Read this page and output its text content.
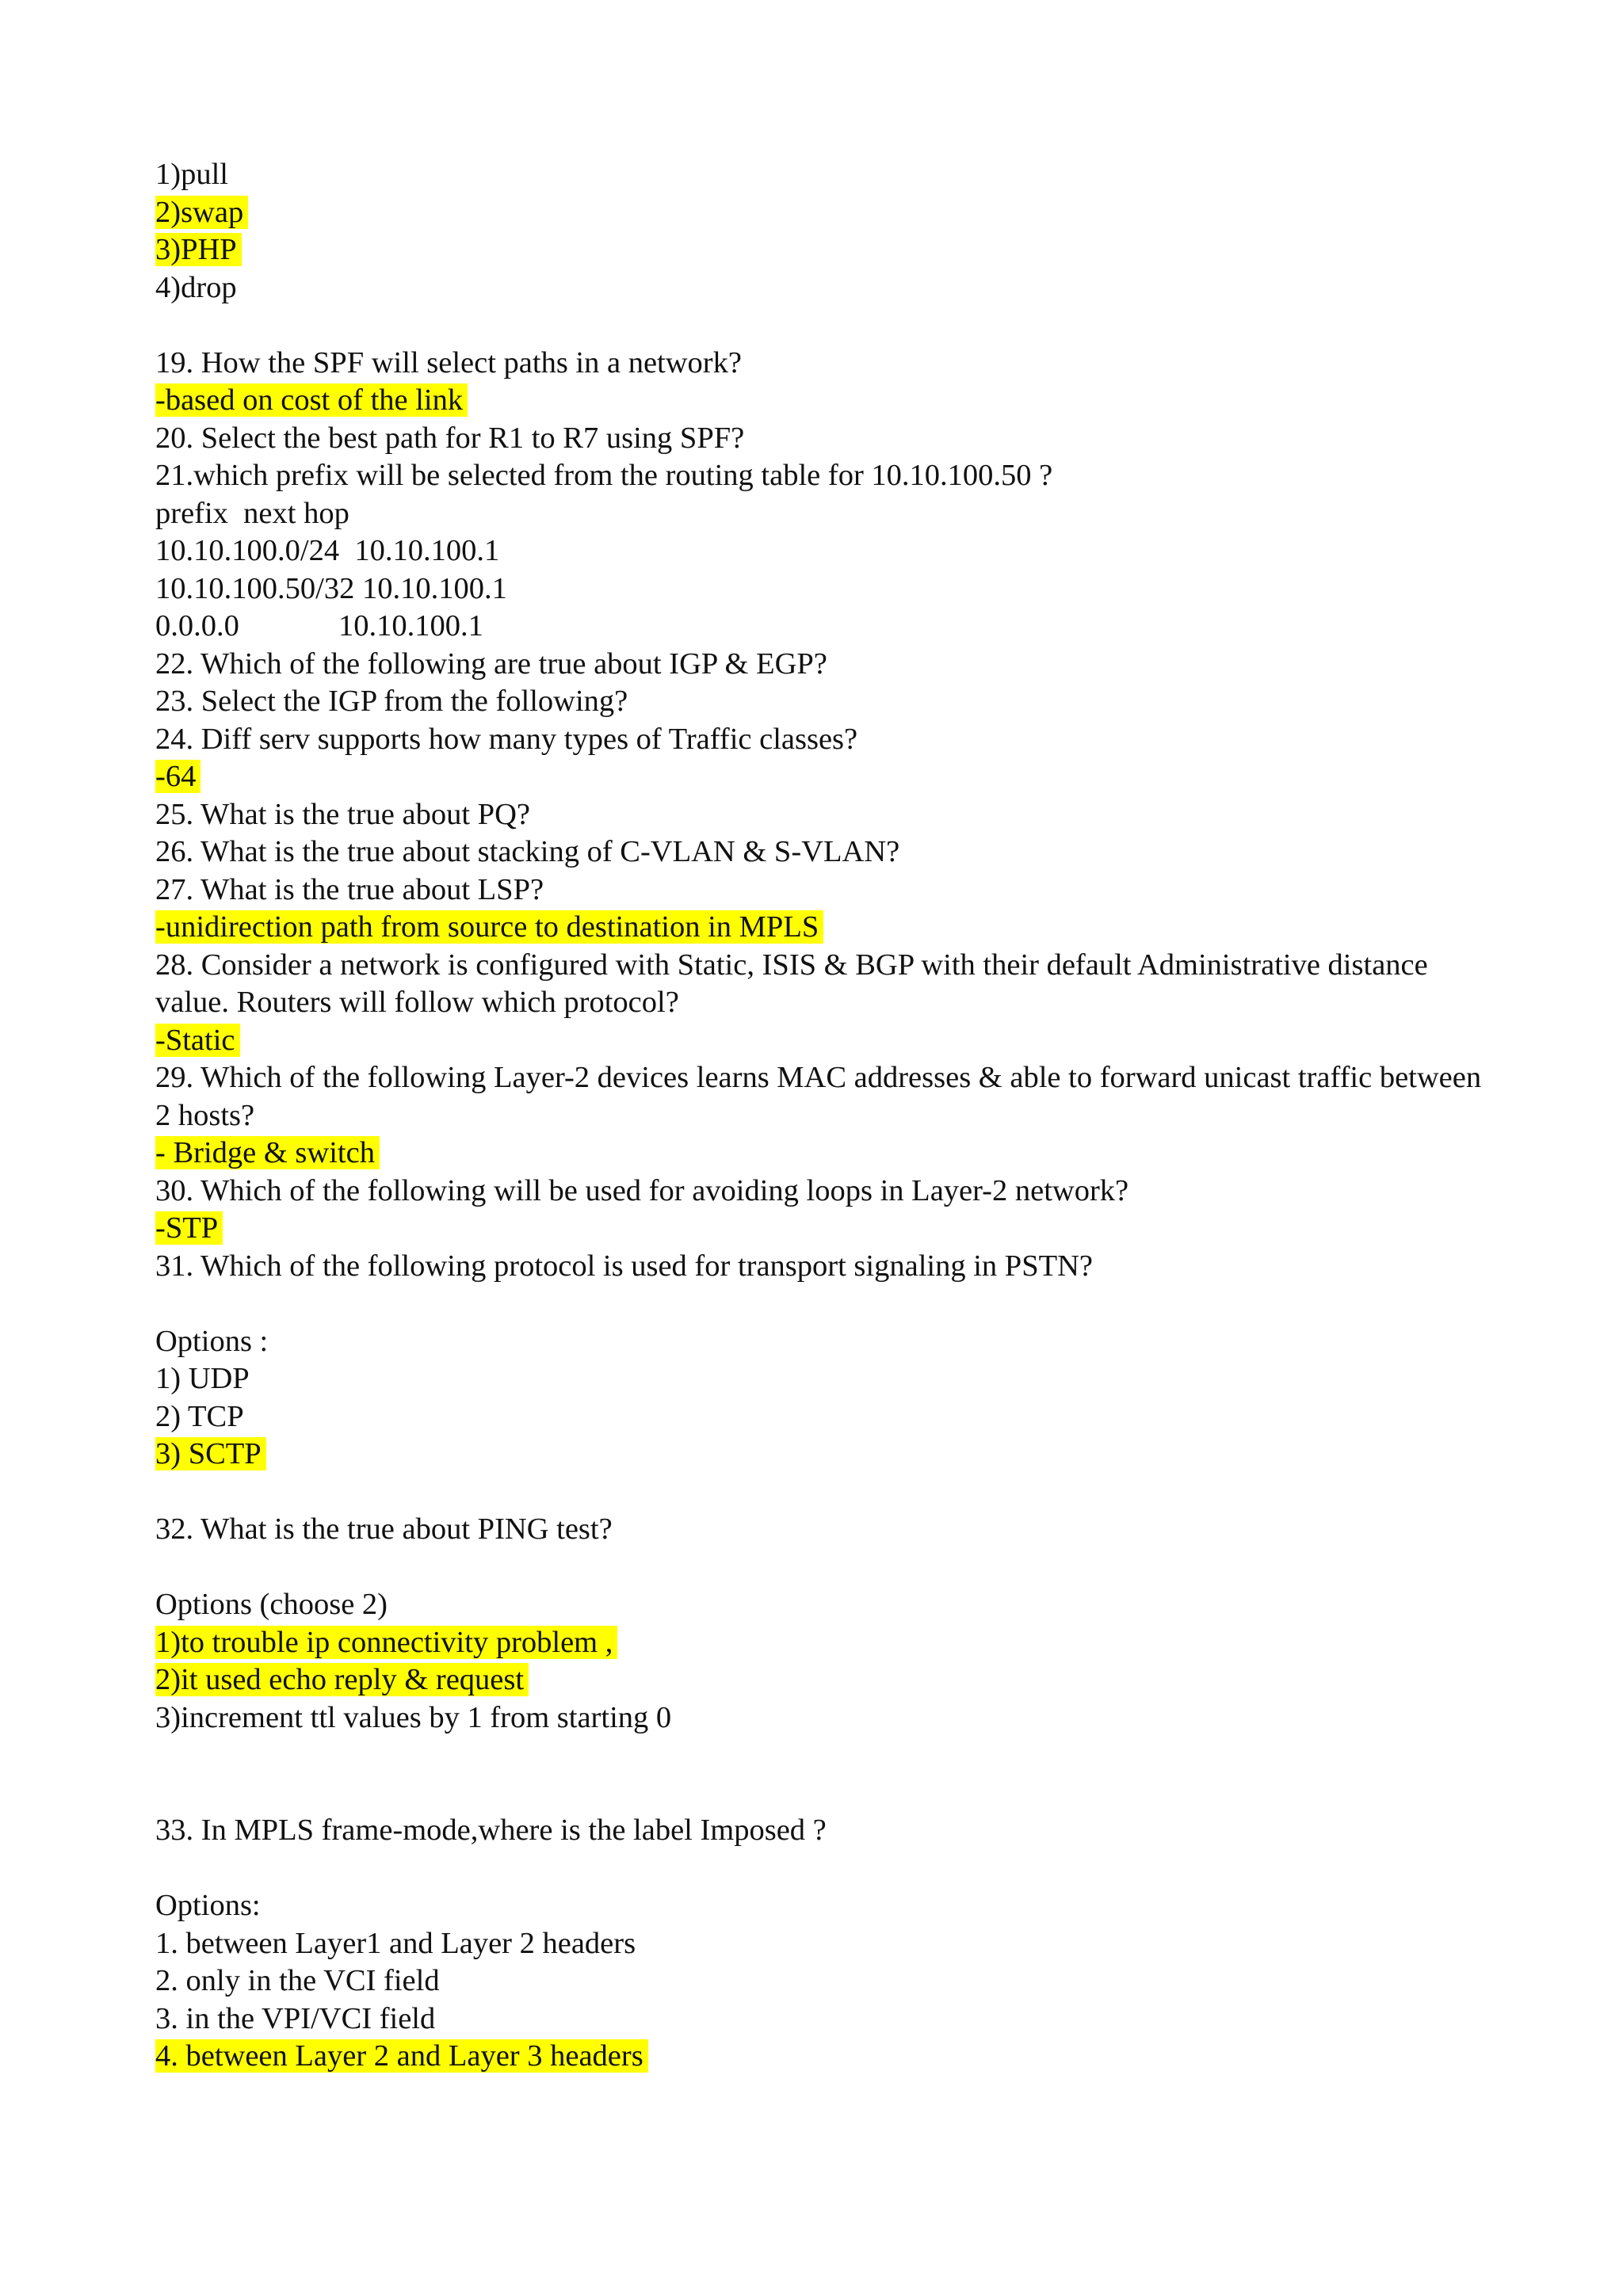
1)pull
2)swap
3)PHP
4)drop
19. How the SPF will select paths in a network?
-based on cost of the link
20. Select the best path for R1 to R7 using SPF?
21.which prefix will be selected from the routing table for 10.10.100.50 ?
prefix  next hop
10.10.100.0/24  10.10.100.1
10.10.100.50/32 10.10.100.1
0.0.0.0             10.10.100.1
22. Which of the following are true about IGP & EGP?
23. Select the IGP from the following?
24. Diff serv supports how many types of Traffic classes?
-64
25. What is the true about PQ?
26. What is the true about stacking of C-VLAN & S-VLAN?
27. What is the true about LSP?
-unidirection path from source to destination in MPLS
28. Consider a network is configured with Static, ISIS & BGP with their default Administrative distance value. Routers will follow which protocol?
-Static
29. Which of the following Layer-2 devices learns MAC addresses & able to forward unicast traffic between 2 hosts?
- Bridge & switch
30. Which of the following will be used for avoiding loops in Layer-2 network?
-STP
31. Which of the following protocol is used for transport signaling in PSTN?
Options :
1) UDP
2) TCP
3) SCTP
32. What is the true about PING test?
Options (choose 2)
1)to trouble ip connectivity problem ,
2)it used echo reply & request
3)increment ttl values by 1 from starting 0
33. In MPLS frame-mode,where is the label Imposed ?
Options:
1. between Layer1 and Layer 2 headers
2. only in the VCI field
3. in the VPI/VCI field
4. between Layer 2 and Layer 3 headers
